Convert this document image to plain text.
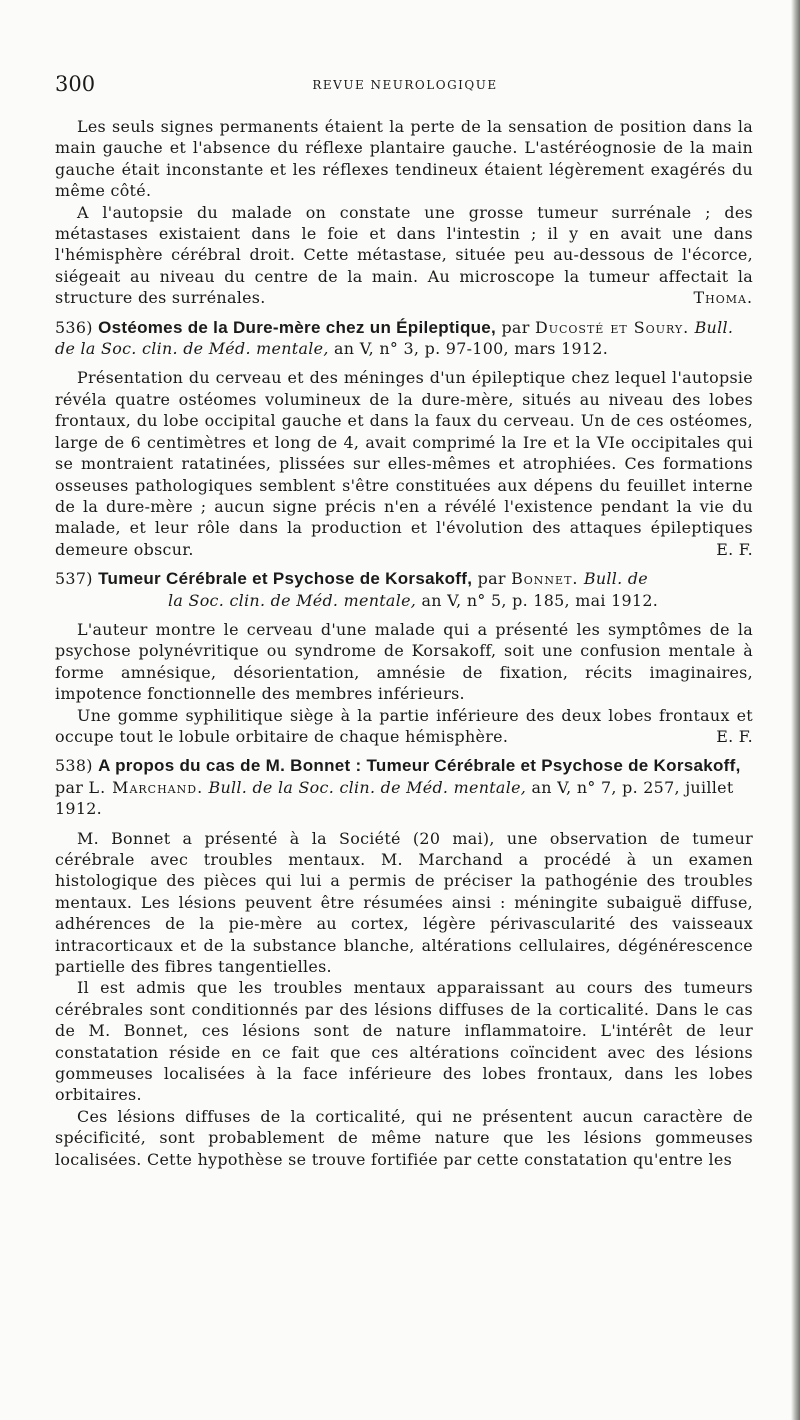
300	REVUE NEUROLOGIQUE

Les seuls signes permanents étaient la perte de la sensation de position dans la main gauche et l'absence du réflexe plantaire gauche. L'astéréognosie de la main gauche était inconstante et les réflexes tendineux étaient légèrement exagérés du même côté.

A l'autopsie du malade on constate une grosse tumeur surrénale ; des métastases existaient dans le foie et dans l'intestin ; il y en avait une dans l'hémisphère cérébral droit. Cette métastase, située peu au-dessous de l'écorce, siégeait au niveau du centre de la main. Au microscope la tumeur affectait la structure des surrénales.	Thoma.

536) Ostéomes de la Dure-mère chez un Épileptique, par Ducosté et Soury. Bull. de la Soc. clin. de Méd. mentale, an V, n° 3, p. 97-100, mars 1912.

Présentation du cerveau et des méninges d'un épileptique chez lequel l'autopsie révéla quatre ostéomes volumineux de la dure-mère, situés au niveau des lobes frontaux, du lobe occipital gauche et dans la faux du cerveau. Un de ces ostéomes, large de 6 centimètres et long de 4, avait comprimé la Ire et la VIe occipitales qui se montraient ratatinées, plissées sur elles-mêmes et atrophiées. Ces formations osseuses pathologiques semblent s'être constituées aux dépens du feuillet interne de la dure-mère ; aucun signe précis n'en a révélé l'existence pendant la vie du malade, et leur rôle dans la production et l'évolution des attaques épileptiques demeure obscur.	E. F.

537) Tumeur Cérébrale et Psychose de Korsakoff, par Bonnet. Bull. de
la Soc. clin. de Méd. mentale, an V, n° 5, p. 185, mai 1912.

L'auteur montre le cerveau d'une malade qui a présenté les symptômes de la psychose polynévritique ou syndrome de Korsakoff, soit une confusion mentale à forme amnésique, désorientation, amnésie de fixation, récits imaginaires, impotence fonctionnelle des membres inférieurs.

Une gomme syphilitique siège à la partie inférieure des deux lobes frontaux et occupe tout le lobule orbitaire de chaque hémisphère.	E. F.

538) A propos du cas de M. Bonnet : Tumeur Cérébrale et Psychose de Korsakoff, par L. Marchand. Bull. de la Soc. clin. de Méd. mentale, an V, n° 7, p. 257, juillet 1912.

M. Bonnet a présenté à la Société (20 mai), une observation de tumeur cérébrale avec troubles mentaux. M. Marchand a procédé à un examen histologique des pièces qui lui a permis de préciser la pathogénie des troubles mentaux. Les lésions peuvent être résumées ainsi : méningite subaiguë diffuse, adhérences de la pie-mère au cortex, légère périvascularité des vaisseaux intracorticaux et de la substance blanche, altérations cellulaires, dégénérescence partielle des fibres tangentielles.

Il est admis que les troubles mentaux apparaissant au cours des tumeurs cérébrales sont conditionnés par des lésions diffuses de la corticalité. Dans le cas de M. Bonnet, ces lésions sont de nature inflammatoire. L'intérêt de leur constatation réside en ce fait que ces altérations coïncident avec des lésions gommeuses localisées à la face inférieure des lobes frontaux, dans les lobes orbitaires.

Ces lésions diffuses de la corticalité, qui ne présentent aucun caractère de spécificité, sont probablement de même nature que les lésions gommeuses localisées. Cette hypothèse se trouve fortifiée par cette constatation qu'entre les
